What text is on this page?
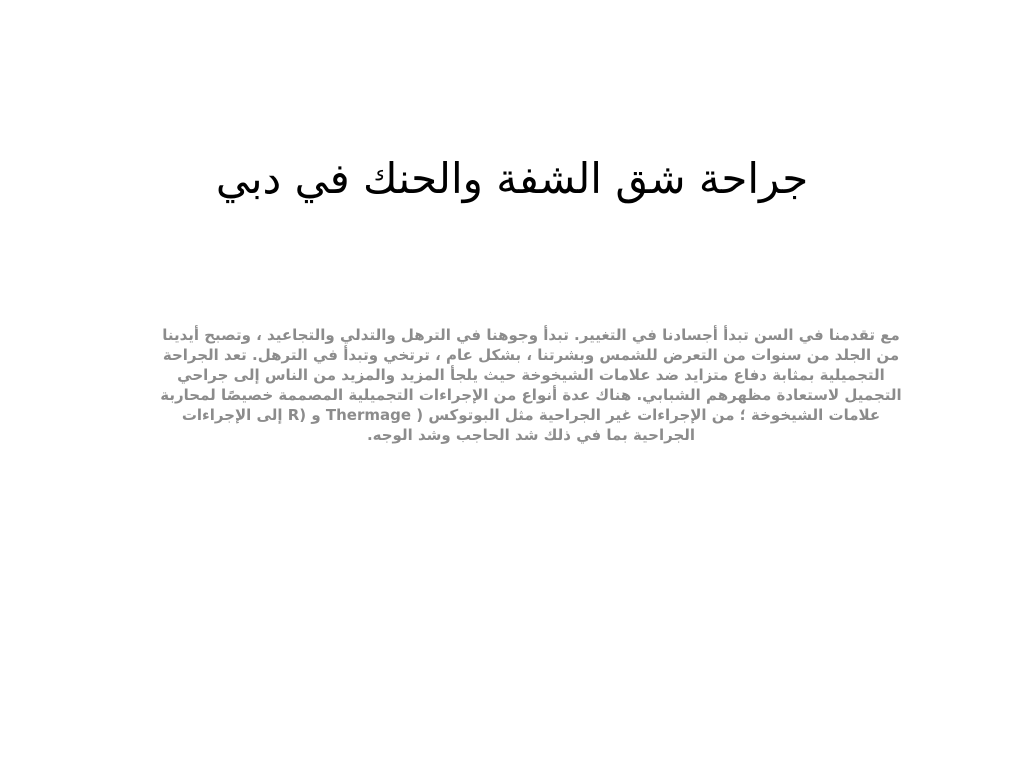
جراحة شق الشفة والحنك في دبي
مع تقدمنا في السن تبدأ أجسادنا في التغيير. تبدأ وجوهنا في الترهل والتدلي والتجاعيد ، وتصبح أيدينا
من الجلد من سنوات من التعرض للشمس وبشرتنا ، بشكل عام ، ترتخي وتبدأ في الترهل. تعد الجراحة
التجميلية بمثابة دفاع متزايد ضد علامات الشيخوخة حيث يلجأ المزيد والمزيد من الناس إلى جراحي
التجميل لاستعادة مظهرهم الشبابي. هناك عدة أنواع من الإجراءات التجميلية المصممة خصيصًا لمحاربة
علامات الشيخوخة ؛ من الإجراءات غير الجراحية مثل البوتوكس ( Thermage و (R إلى الإجراءات
الجراحية بما في ذلك شد الحاجب وشد الوجه.
